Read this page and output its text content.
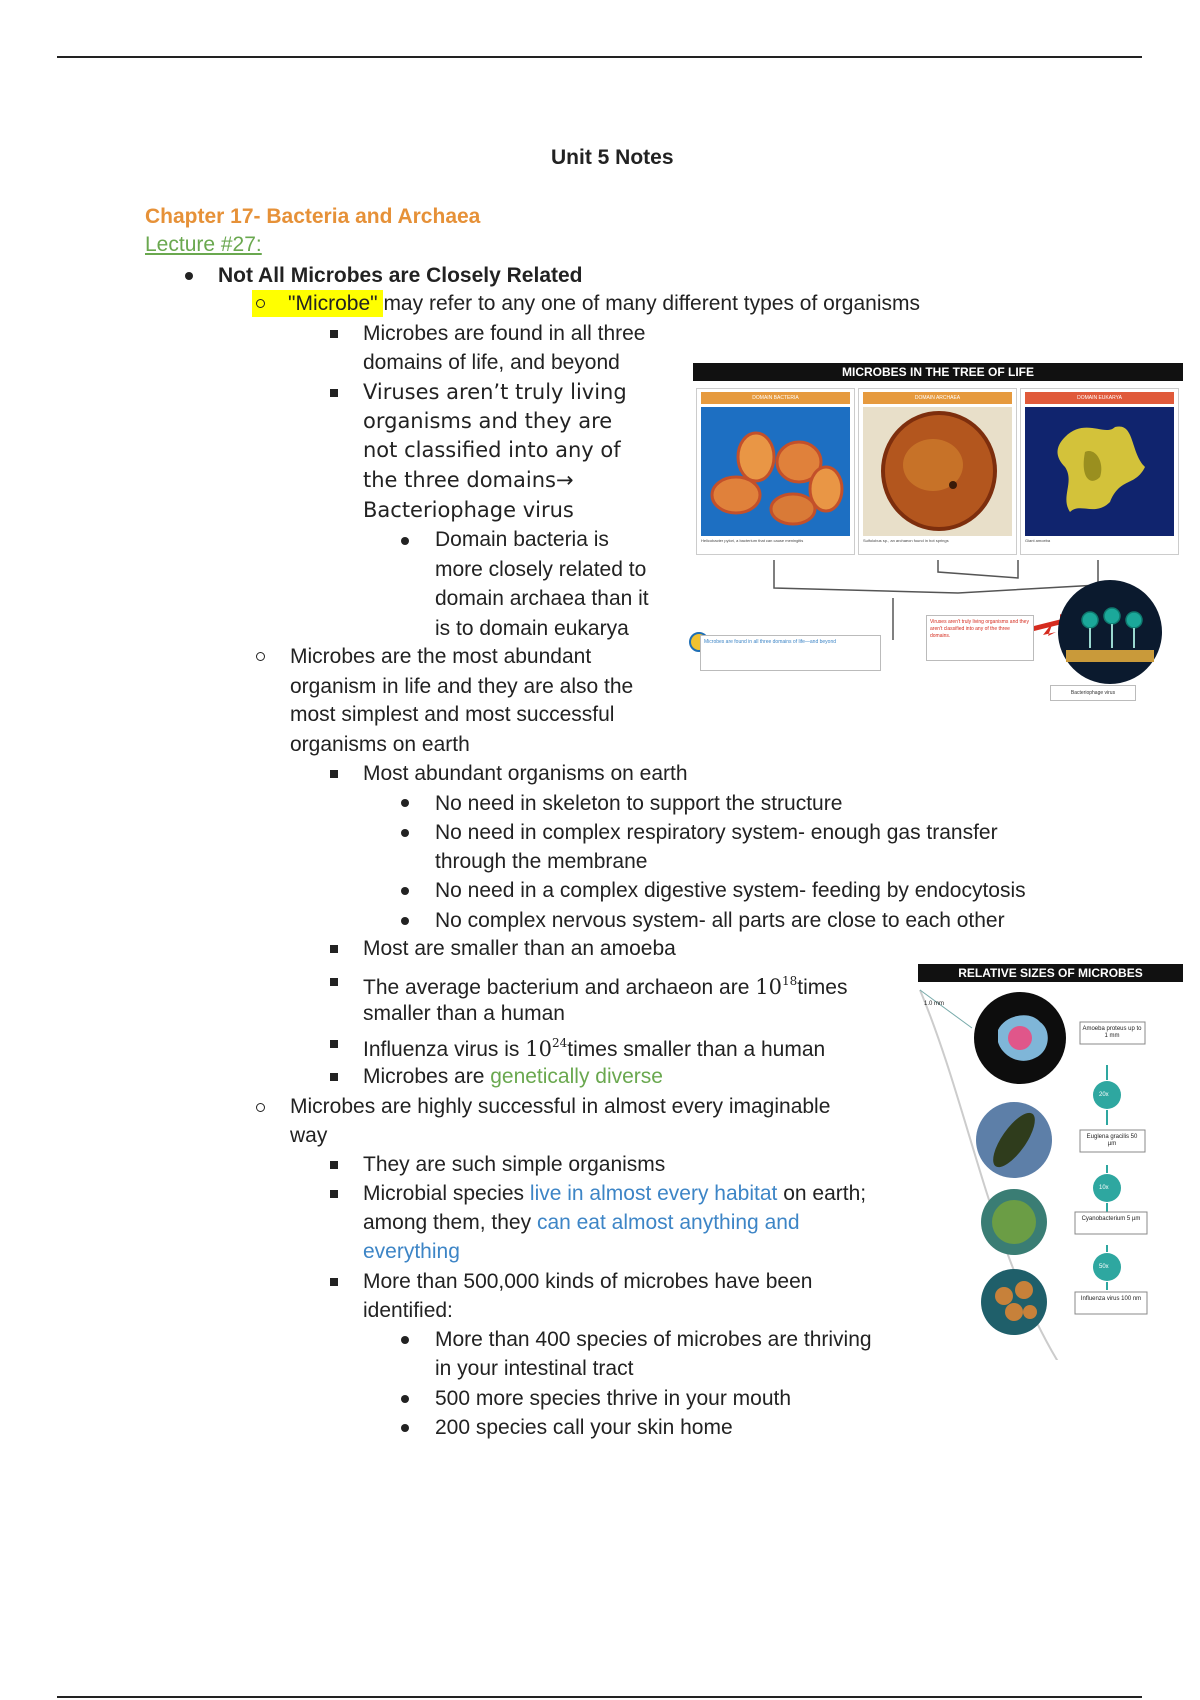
Unit 5 Notes
Chapter 17- Bacteria and Archaea
Lecture #27:
Not All Microbes are Closely Related
"Microbe" may refer to any one of many different types of organisms
Microbes are found in all three
domains of life, and beyond
Viruses aren’t truly living
organisms and they are
not classified into any of
the three domains→
Bacteriophage virus
Domain bacteria is
more closely related to
domain archaea than it
is to domain eukarya
Microbes are the most abundant
organism in life and they are also the
most simplest and most successful
organisms on earth
Most abundant organisms on earth
No need in skeleton to support the structure
No need in complex respiratory system- enough gas transfer
through the membrane
No need in a complex digestive system- feeding by endocytosis
No complex nervous system- all parts are close to each other
Most are smaller than an amoeba
The average bacterium and archaeon are $10^{18}times$
smaller than a human
Influenza virus is $10^{24}times$ smaller than a human
Microbes are genetically diverse
Microbes are highly successful in almost every imaginable
way
They are such simple organisms
Microbial species live in almost every habitat on earth;
among them, they can eat almost anything and
everything
More than 500,000 kinds of microbes have been
identified:
More than 400 species of microbes are thriving
in your intestinal tract
500 more species thrive in your mouth
200 species call your skin home
MICROBES IN THE TREE OF LIFE
DOMAIN BACTERIA
Helicobacter pylori, a bacterium that can cause meningitis
DOMAIN ARCHAEA
Sulfolobus sp., an archaeon found in hot springs
DOMAIN EUKARYA
Giant amoeba
Microbes are found in all three domains of life—and beyond
Viruses aren't truly living organisms and they aren't classified into any of the three domains.
Bacteriophage virus
RELATIVE SIZES OF MICROBES
1.0 mm
Amoeba proteus up to 1 mm
Euglena gracilis 50 µm
Cyanobacterium 5 µm
Influenza virus 100 nm
20x
10x
50x
